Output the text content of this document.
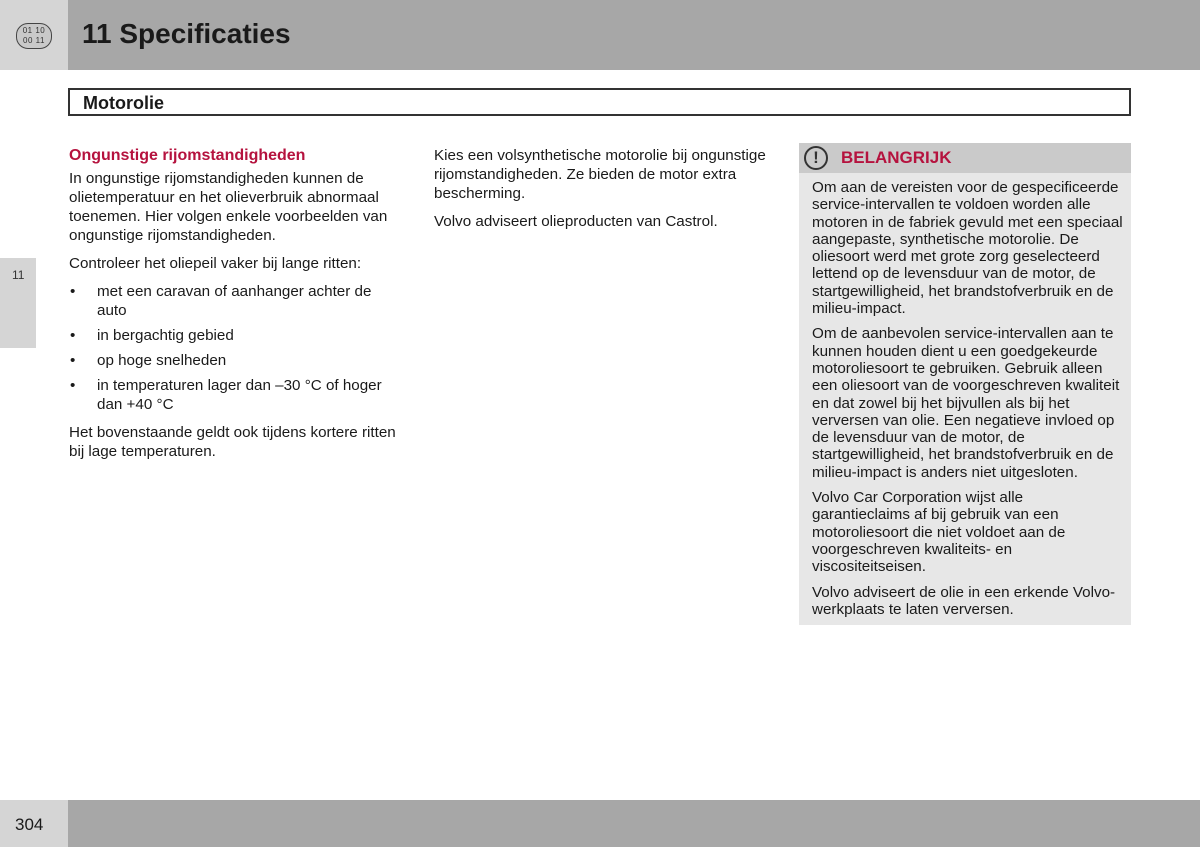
01 10
00 11 11 Specificaties
11
Motorolie
Ongunstige rijomstandigheden

In ongunstige rijomstandigheden kunnen de olietemperatuur en het olieverbruik abnormaal toenemen. Hier volgen enkele voorbeelden van ongunstige rijomstandigheden.

Controleer het oliepeil vaker bij lange ritten:

• met een caravan of aanhanger achter de auto
• in bergachtig gebied
• op hoge snelheden
• in temperaturen lager dan –30 °C of hoger dan +40 °C

Het bovenstaande geldt ook tijdens kortere ritten bij lage temperaturen.

Kies een volsynthetische motorolie bij ongunstige rijomstandigheden. Ze bieden de motor extra bescherming.

Volvo adviseert olieproducten van Castrol.

!	BELANGRIJK

Om aan de vereisten voor de gespecificeerde service-intervallen te voldoen worden alle motoren in de fabriek gevuld met een speciaal aangepaste, synthetische motorolie. De oliesoort werd met grote zorg geselecteerd lettend op de levensduur van de motor, de startgewilligheid, het brandstofverbruik en de milieu-impact.

Om de aanbevolen service-intervallen aan te kunnen houden dient u een goedgekeurde motoroliesoort te gebruiken. Gebruik alleen een oliesoort van de voorgeschreven kwaliteit en dat zowel bij het bijvullen als bij het verversen van olie. Een negatieve invloed op de levensduur van de motor, de startgewilligheid, het brandstofverbruik en de milieu-impact is anders niet uitgesloten.

Volvo Car Corporation wijst alle garantieclaims af bij gebruik van een motoroliesoort die niet voldoet aan de voorgeschreven kwaliteits- en viscositeitseisen.

Volvo adviseert de olie in een erkende Volvo-werkplaats te laten verversen.

304
